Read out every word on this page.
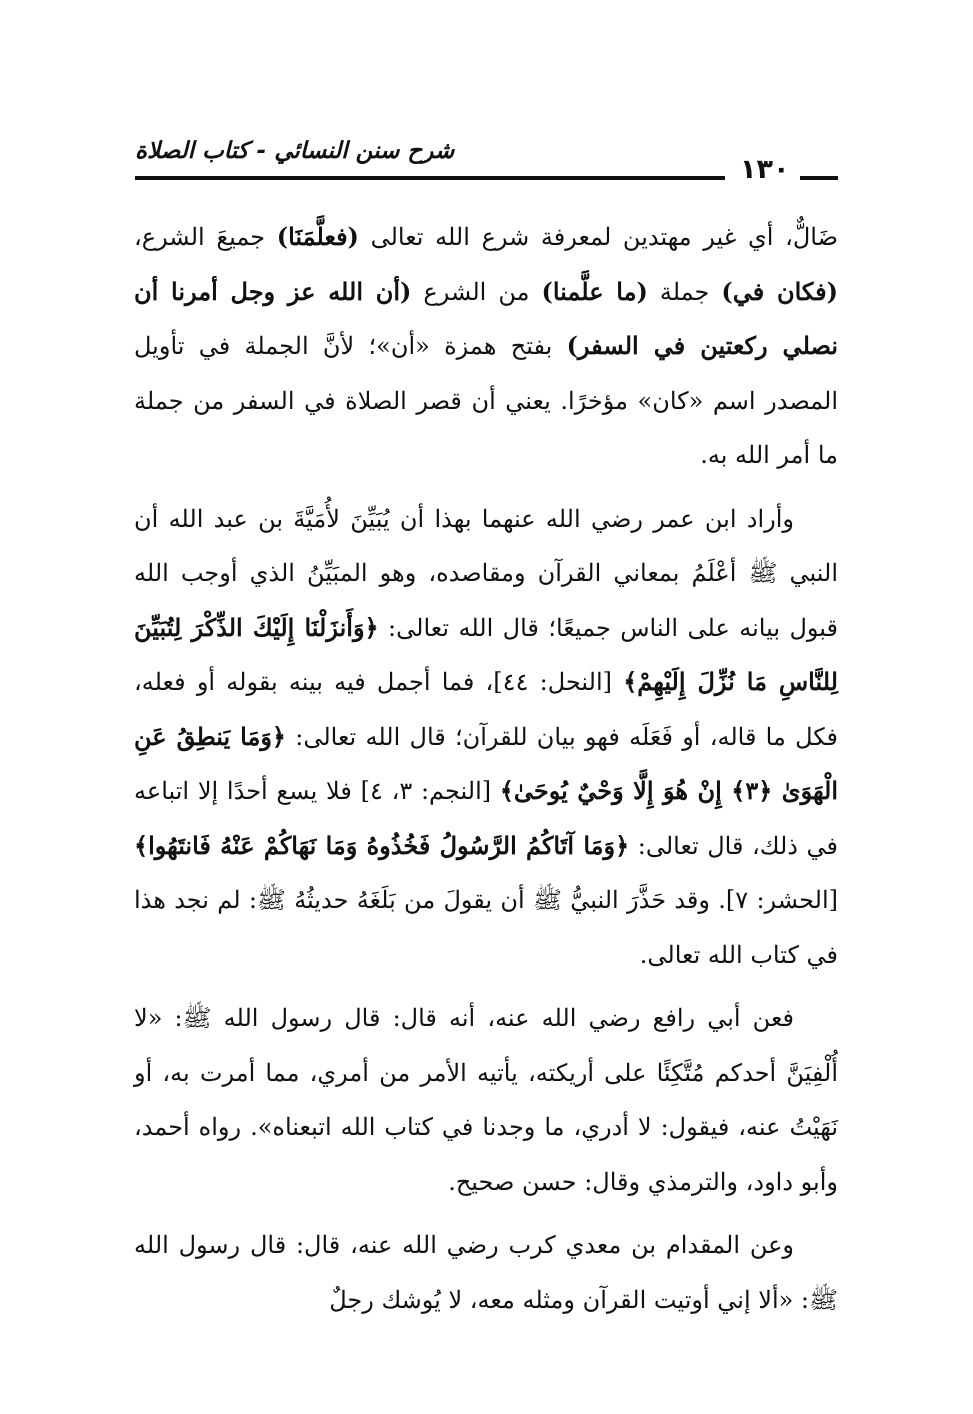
شرح سنن النسائي - كتاب الصلاة
١٣٠

ضَالٌّ، أي غير مهتدين لمعرفة شرع الله تعالى (فعلَّمَنَا) جميعَ الشرع، (فكان في) جملة (ما علَّمنا) من الشرع (أن الله عز وجل أمرنا أن نصلي ركعتين في السفر) بفتح همزة «أن»؛ لأنَّ الجملة في تأويل المصدر اسم «كان» مؤخرًا. يعني أن قصر الصلاة في السفر من جملة ما أمر الله به.

وأراد ابن عمر رضي الله عنهما بهذا أن يُبَيِّنَ لأُمَيَّةَ بن عبد الله أن النبي ﷺ أعْلَمُ بمعاني القرآن ومقاصده، وهو المبَيِّنُ الذي أوجب الله قبول بيانه على الناس جميعًا؛ قال الله تعالى: ﴿وَأَنزَلْنَا إِلَيْكَ الذِّكْرَ لِتُبَيِّنَ لِلنَّاسِ مَا نُزِّلَ إِلَيْهِمْ﴾ [النحل: ٤٤]، فما أجمل فيه بينه بقوله أو فعله، فكل ما قاله، أو فَعَلَه فهو بيان للقرآن؛ قال الله تعالى: ﴿وَمَا يَنطِقُ عَنِ الْهَوَىٰ ﴿٣﴾ إِنْ هُوَ إِلَّا وَحْيٌ يُوحَىٰ﴾ [النجم: ٣، ٤] فلا يسع أحدًا إلا اتباعه في ذلك، قال تعالى: ﴿وَمَا آتَاكُمُ الرَّسُولُ فَخُذُوهُ وَمَا نَهَاكُمْ عَنْهُ فَانتَهُوا﴾ [الحشر: ٧]. وقد حَذَّرَ النبيُّ ﷺ أن يقولَ من بَلَغَهُ حديثُهُ ﷺ: لم نجد هذا في كتاب الله تعالى.

فعن أبي رافع رضي الله عنه، أنه قال: قال رسول الله ﷺ: «لا أُلْفِيَنَّ أحدكم مُتَّكِئًا على أريكته، يأتيه الأمر من أمري، مما أمرت به، أو نَهَيْتُ عنه، فيقول: لا أدري، ما وجدنا في كتاب الله اتبعناه». رواه أحمد، وأبو داود، والترمذي وقال: حسن صحيح.

وعن المقدام بن معدي كرب رضي الله عنه، قال: قال رسول الله ﷺ: «ألا إني أوتيت القرآن ومثله معه، لا يُوشك رجلٌ
